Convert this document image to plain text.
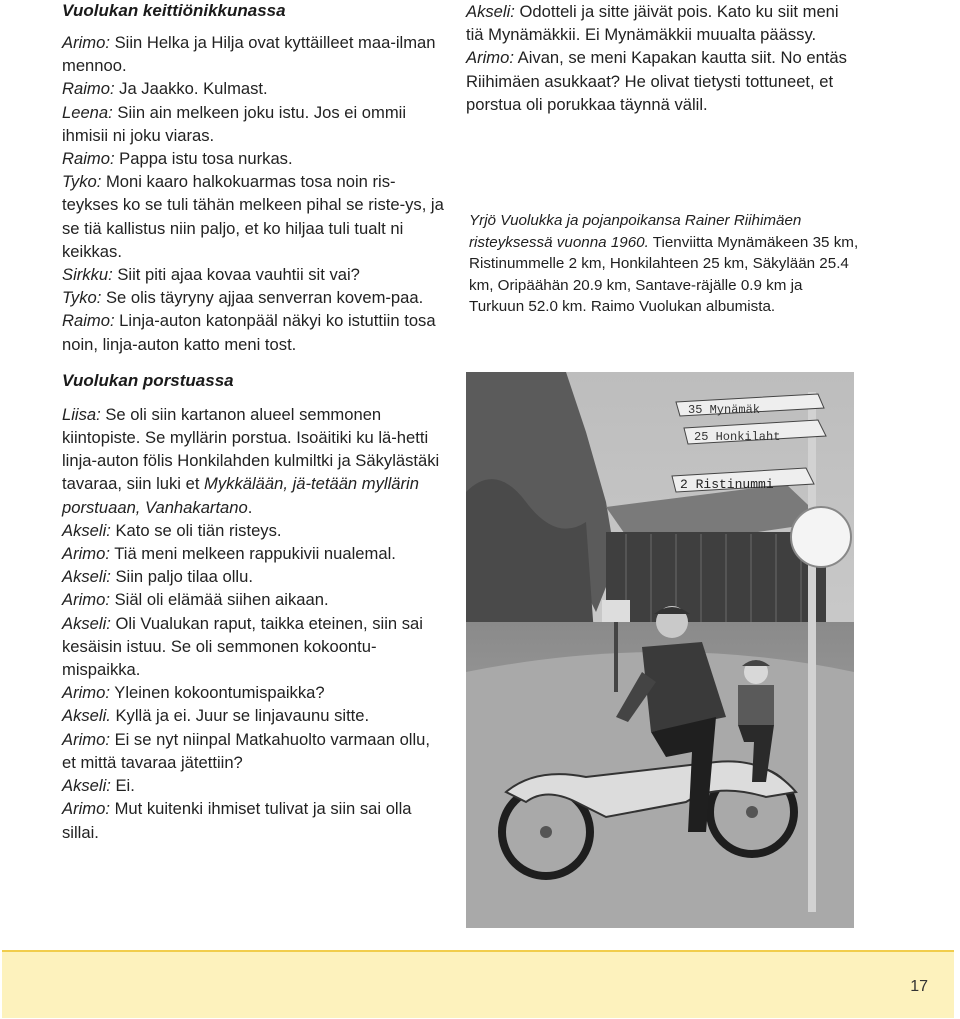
Vuolukan keittiönikkunassa

Arimo: Siin Helka ja Hilja ovat kyttäilleet maa-ilman mennoo.

Raimo: Ja Jaakko. Kulmast.

Leena: Siin ain melkeen joku istu. Jos ei ommii ihmisii ni joku viaras.

Raimo: Pappa istu tosa nurkas.

Tyko: Moni kaaro halkokuarmas tosa noin ris-teykses ko se tuli tähän melkeen pihal se riste-ys, ja se tiä kallistus niin paljo, et ko hiljaa tuli tualt ni keikkas.

Sirkku: Siit piti ajaa kovaa vauhtii sit vai?

Tyko: Se olis täyryny ajjaa senverran kovem-paa.

Raimo: Linja-auton katonpääl näkyi ko istuttiin tosa noin, linja-auton katto meni tost.

Vuolukan porstuassa

Liisa: Se oli siin kartanon alueel semmonen kiintopiste. Se myllärin porstua. Isoäitiki ku lä-hetti linja-auton fölis Honkilahden kulmiltki ja Säkylästäki tavaraa, siin luki et Mykkälään, jä-tetään myllärin porstuaan, Vanhakartano.

Akseli: Kato se oli tiän risteys.

Arimo: Tiä meni melkeen rappukivii nualemal.

Akseli: Siin paljo tilaa ollu.

Arimo: Siäl oli elämää siihen aikaan.

Akseli: Oli Vualukan raput, taikka eteinen, siin sai kesäisin istuu. Se oli semmonen kokoontu-mispaikka.

Arimo: Yleinen kokoontumispaikka?

Akseli. Kyllä ja ei. Juur se linjavaunu sitte.

Arimo: Ei se nyt niinpal Matkahuolto varmaan ollu, et mittä tavaraa jätettiin?

Akseli: Ei.

Arimo: Mut kuitenki ihmiset tulivat ja siin sai olla sillai.

Akseli: Odotteli ja sitte jäivät pois. Kato ku siit meni tiä Mynämäkkii. Ei Mynämäkkii muualta päässy.

Arimo: Aivan, se meni Kapakan kautta siit. No entäs Riihimäen asukkaat? He olivat tietysti tottuneet, et porstua oli porukkaa täynnä välil.

Yrjö Vuolukka ja pojanpoikansa Rainer Riihimäen risteyksessä vuonna 1960. Tienviitta Mynämäkeen 35 km, Ristinummelle 2 km, Honkilahteen 25 km, Säkylään 25.4 km, Oripäähän 20.9 km, Santave-räjälle 0.9 km ja Turkuun 52.0 km. Raimo Vuolukan albumista.
35 Mynämäk
25 Honkilaht
2 Ristinummi
17
